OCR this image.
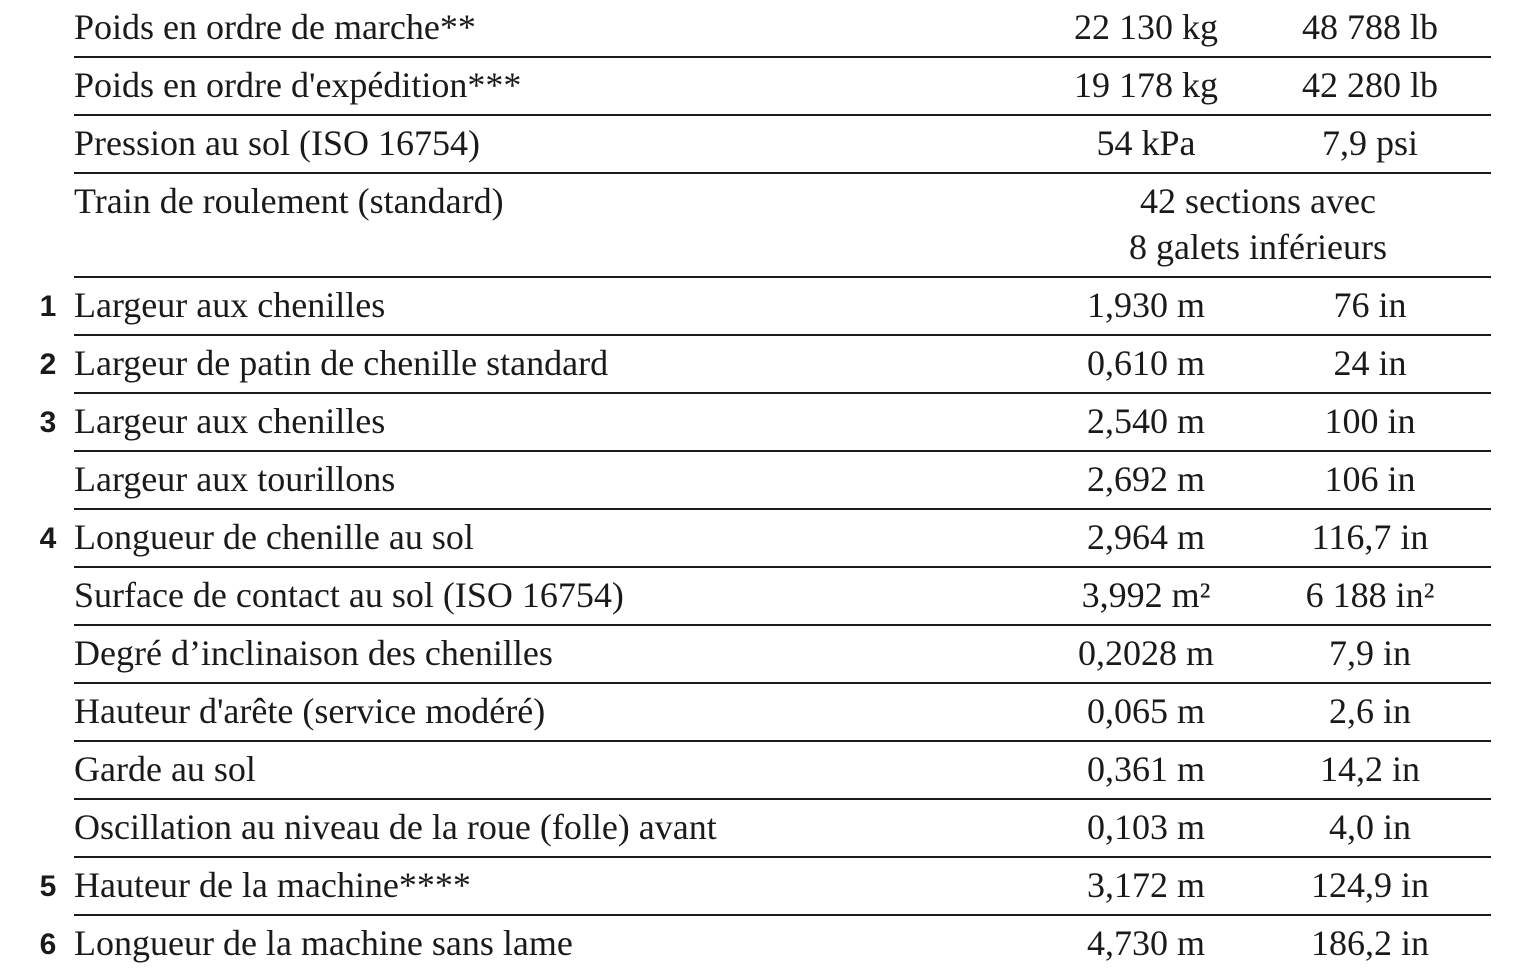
Poids en ordre de marche**	22 130 kg	48 788 lb
Poids en ordre d'expédition***	19 178 kg	42 280 lb
Pression au sol (ISO 16754)	54 kPa	7,9 psi
Train de roulement (standard)	42 sections avec
8 galets inférieurs
1 Largeur aux chenilles	1,930 m	76 in
2 Largeur de patin de chenille standard	0,610 m	24 in
3 Largeur aux chenilles	2,540 m	100 in
Largeur aux tourillons	2,692 m	106 in
4 Longueur de chenille au sol	2,964 m	116,7 in
Surface de contact au sol (ISO 16754)	3,992 m²	6 188 in²
Degré d’inclinaison des chenilles	0,2028 m	7,9 in
Hauteur d'arête (service modéré)	0,065 m	2,6 in
Garde au sol	0,361 m	14,2 in
Oscillation au niveau de la roue (folle) avant	0,103 m	4,0 in
5 Hauteur de la machine****	3,172 m	124,9 in
6 Longueur de la machine sans lame	4,730 m	186,2 in
